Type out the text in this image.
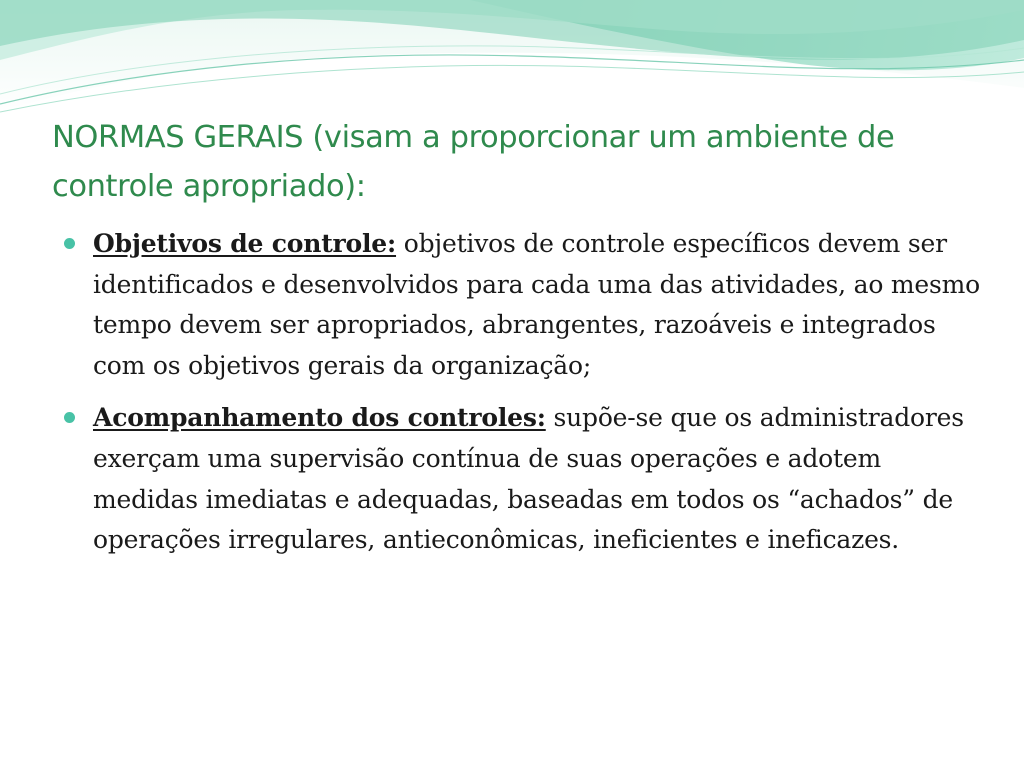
NORMAS GERAIS (visam a proporcionar um ambiente de controle apropriado):
Objetivos de controle: objetivos de controle específicos devem ser identificados e desenvolvidos para cada uma das atividades, ao mesmo tempo devem ser apropriados, abrangentes, razoáveis e integrados com os objetivos gerais da organização;
Acompanhamento dos controles: supõe-se que os administradores exerçam uma supervisão contínua de suas operações e adotem medidas imediatas e adequadas, baseadas em todos os “achados” de operações irregulares, antieconômicas, ineficientes e ineficazes.
